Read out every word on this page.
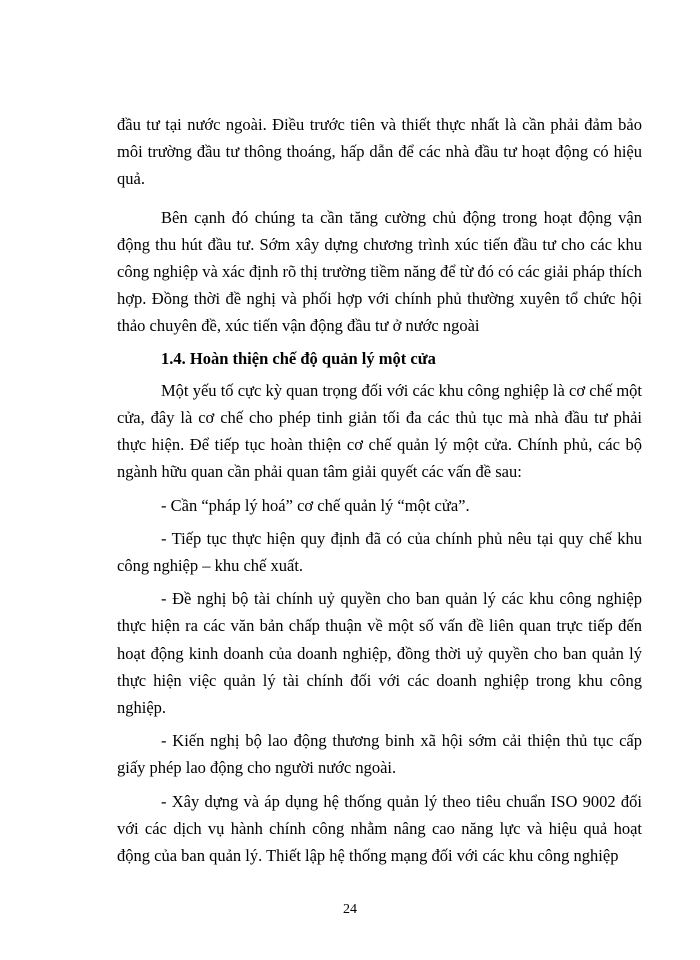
đầu tư tại nước ngoài. Điều trước tiên và thiết thực nhất là cần phải đảm bảo môi trường đầu tư thông thoáng, hấp dẫn để các nhà đầu tư hoạt động có hiệu quả.

Bên cạnh đó chúng ta cần tăng cường chủ động trong hoạt động vận động thu hút đầu tư. Sớm xây dựng chương trình xúc tiến đầu tư cho các khu công nghiệp và xác định rõ thị trường tiềm năng để từ đó có các giải pháp thích hợp. Đồng thời đề nghị và phối hợp với chính phủ thường xuyên tổ chức hội thảo chuyên đề, xúc tiến vận động đầu tư ở nước ngoài

1.4. Hoàn thiện chế độ quản lý một cửa

Một yếu tố cực kỳ quan trọng đối với các khu công nghiệp là cơ chế một cửa, đây là cơ chế cho phép tinh giản tối đa các thủ tục mà nhà đầu tư phải thực hiện. Để tiếp tục hoàn thiện cơ chế quản lý một cửa. Chính phủ, các bộ ngành hữu quan cần phải quan tâm giải quyết các vấn đề sau:

- Cần “pháp lý hoá” cơ chế quản lý “một cửa”.

- Tiếp tục thực hiện quy định đã có của chính phủ nêu tại quy chế khu công nghiệp – khu chế xuất.

- Đề nghị bộ tài chính uỷ quyền cho ban quản lý các khu công nghiệp thực hiện ra các văn bản chấp thuận về một số vấn đề liên quan trực tiếp đến hoạt động kinh doanh của doanh nghiệp, đồng thời uỷ quyền cho ban quản lý thực hiện việc quản lý tài chính đối với các doanh nghiệp trong khu công nghiệp.

- Kiến nghị bộ lao động thương binh xã hội sớm cải thiện thủ tục cấp giấy phép lao động cho người nước ngoài.

- Xây dựng và áp dụng hệ thống quản lý theo tiêu chuẩn ISO 9002 đối với các dịch vụ hành chính công nhằm nâng cao năng lực và hiệu quả hoạt động của ban quản lý. Thiết lập hệ thống mạng đối với các khu công nghiệp

24
